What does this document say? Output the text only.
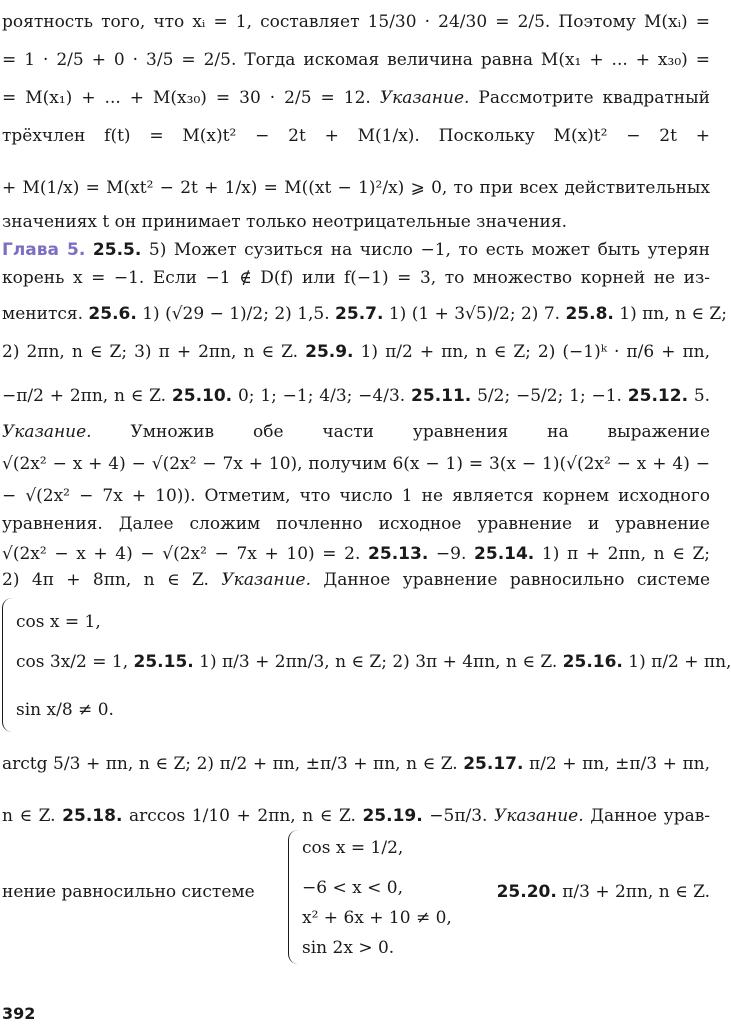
роятность того, что xᵢ = 1, составляет 15/30 · 24/30 = 2/5. Поэтому M(xᵢ) =
= 1 · 2/5 + 0 · 3/5 = 2/5. Тогда искомая величина равна M(x₁ + ... + x₃₀) =
= M(x₁) + ... + M(x₃₀) = 30 · 2/5 = 12. Указание. Рассмотрите квадратный
трёхчлен f(t) = M(x)t² − 2t + M(1/x). Поскольку M(x)t² − 2t +
+ M(1/x) = M(xt² − 2t + 1/x) = M((xt − 1)²/x) ⩾ 0, то при всех действительных
значениях t он принимает только неотрицательные значения.
Глава 5. 25.5. 5) Может сузиться на число −1, то есть может быть утерян
корень x = −1. Если −1 ∉ D(f) или f(−1) = 3, то множество корней не из-
менится. 25.6. 1) (√29 − 1)/2; 2) 1,5. 25.7. 1) (1 + 3√5)/2; 2) 7. 25.8. 1) πn, n ∈ Z;
2) 2πn, n ∈ Z; 3) π + 2πn, n ∈ Z. 25.9. 1) π/2 + πn, n ∈ Z; 2) (−1)ᵏ · π/6 + πn,
−π/2 + 2πn, n ∈ Z. 25.10. 0; 1; −1; 4/3; −4/3. 25.11. 5/2; −5/2; 1; −1. 25.12. 5.
Указание. Умножив обе части уравнения на выражение
√(2x² − x + 4) − √(2x² − 7x + 10), получим 6(x − 1) = 3(x − 1)(√(2x² − x + 4) −
− √(2x² − 7x + 10)). Отметим, что число 1 не является корнем исходного
уравнения. Далее сложим почленно исходное уравнение и уравнение
√(2x² − x + 4) − √(2x² − 7x + 10) = 2. 25.13. −9. 25.14. 1) π + 2πn, n ∈ Z;
2) 4π + 8πn, n ∈ Z. Указание. Данное уравнение равносильно системе
cos x = 1,
cos 3x/2 = 1, 25.15. 1) π/3 + 2πn/3, n ∈ Z; 2) 3π + 4πn, n ∈ Z. 25.16. 1) π/2 + πn,
sin x/8 ≠ 0.
arctg 5/3 + πn, n ∈ Z; 2) π/2 + πn, ±π/3 + πn, n ∈ Z. 25.17. π/2 + πn, ±π/3 + πn,
n ∈ Z. 25.18. arccos 1/10 + 2πn, n ∈ Z. 25.19. −5π/3. Указание. Данное урав-
нение равносильно системе
cos x = 1/2,
−6 < x < 0,
x² + 6x + 10 ≠ 0,
sin 2x > 0.
25.20. π/3 + 2πn, n ∈ Z.
392
